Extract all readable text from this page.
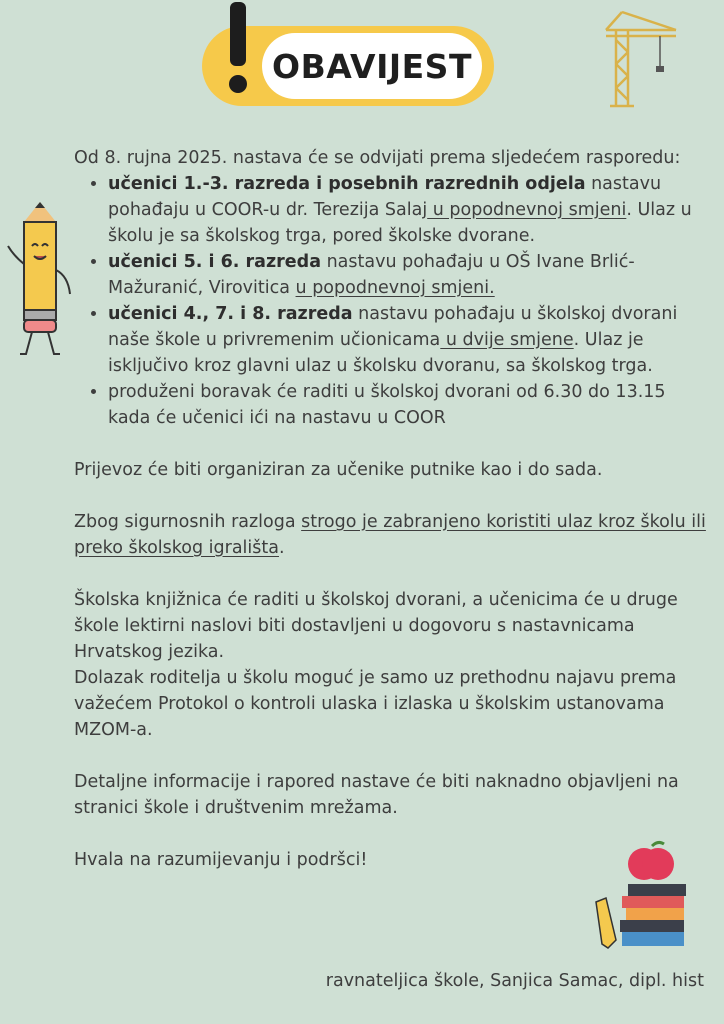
OBAVIJEST

Od 8. rujna 2025. nastava će se odvijati prema sljedećem rasporedu:

• učenici 1.-3. razreda i posebnih razrednih odjela nastavu pohađaju u COOR-u dr. Terezija Salaj u popodnevnoj smjeni. Ulaz u školu je sa školskog trga, pored školske dvorane.
• učenici 5. i 6. razreda nastavu pohađaju u OŠ Ivane Brlić-Mažuranić, Virovitica u popodnevnoj smjeni.
• učenici 4., 7. i 8. razreda nastavu pohađaju u školskoj dvorani naše škole u privremenim učionicama u dvije smjene. Ulaz je isključivo kroz glavni ulaz u školsku dvoranu, sa školskog trga.
• produženi boravak će raditi u školskoj dvorani od 6.30 do 13.15 kada će učenici ići na nastavu u COOR

Prijevoz će biti organiziran za učenike putnike kao i do sada.

Zbog sigurnosnih razloga strogo je zabranjeno koristiti ulaz kroz školu ili preko školskog igrališta.

Školska knjižnica će raditi u školskoj dvorani, a učenicima će u druge škole lektirni naslovi biti dostavljeni u dogovoru s nastavnicama Hrvatskog jezika.

Dolazak roditelja u školu moguć je samo uz prethodnu najavu prema važećem Protokol o kontroli ulaska i izlaska u školskim ustanovama MZOM-a.

Detaljne informacije i rapored nastave će biti naknadno objavljeni na stranici škole i društvenim mrežama.

Hvala na razumijevanju i podršci!

ravnateljica škole, Sanjica Samac, dipl. hist
